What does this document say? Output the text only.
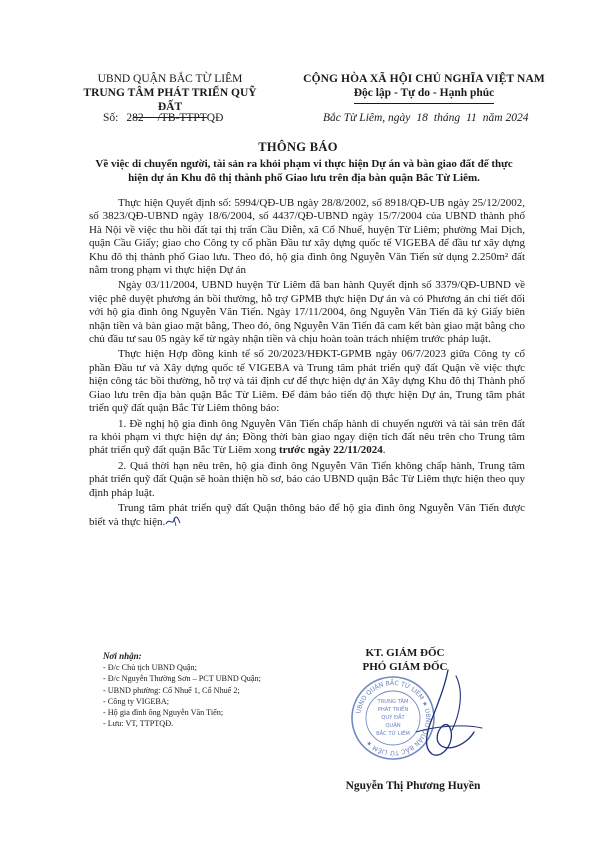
UBND QUẬN BẮC TỪ LIÊM
TRUNG TÂM PHÁT TRIỂN QUỸ ĐẤT
CỘNG HÒA XÃ HỘI CHỦ NGHĨA VIỆT NAM
Độc lập - Tự do - Hạnh phúc
Số: 282 /TB-TTPTQĐ	Bắc Từ Liêm, ngày 18 tháng 11 năm 2024
THÔNG BÁO
Về việc di chuyển người, tài sản ra khỏi phạm vi thực hiện Dự án và bàn giao đất để thực hiện dự án Khu đô thị thành phố Giao lưu trên địa bàn quận Bắc Từ Liêm.

Thực hiện Quyết định số: 5994/QĐ-UB ngày 28/8/2002, số 8918/QĐ-UB ngày 25/12/2002, số 3823/QĐ-UBND ngày 18/6/2004, số 4437/QĐ-UBND ngày 15/7/2004 của UBND thành phố Hà Nội về việc thu hồi đất tại thị trấn Cầu Diễn, xã Cổ Nhuế, huyện Từ Liêm; phường Mai Dịch, quận Cầu Giấy; giao cho Công ty cổ phần Đầu tư xây dựng quốc tế VIGEBA để đầu tư xây dựng Khu đô thị thành phố Giao lưu. Theo đó, hộ gia đình ông Nguyễn Văn Tiến sử dụng 2.250m² đất nằm trong phạm vi thực hiện Dự án

Ngày 03/11/2004, UBND huyện Từ Liêm đã ban hành Quyết định số 3379/QĐ-UBND về việc phê duyệt phương án bồi thường, hỗ trợ GPMB thực hiện Dự án và có Phương án chi tiết đối với hộ gia đình ông Nguyễn Văn Tiến. Ngày 17/11/2004, ông Nguyễn Văn Tiến đã ký Giấy biên nhận tiền và bàn giao mặt bằng, Theo đó, ông Nguyễn Văn Tiến đã cam kết bàn giao mặt bằng cho chủ đầu tư sau 05 ngày kể từ ngày nhận tiền và chịu hoàn toàn trách nhiệm trước pháp luật.

Thực hiện Hợp đồng kinh tế số 20/2023/HĐKT-GPMB ngày 06/7/2023 giữa Công ty cổ phần Đầu tư và Xây dựng quốc tế VIGEBA và Trung tâm phát triển quỹ đất Quận về việc thực hiện công tác bồi thường, hỗ trợ và tái định cư để thực hiện dự án Xây dựng Khu đô thị Thành phố Giao lưu trên địa bàn quận Bắc Từ Liêm. Để đảm bảo tiến độ thực hiện Dự án, Trung tâm phát triển quỹ đất quận Bắc Từ Liêm thông báo:

1. Đề nghị hộ gia đình ông Nguyễn Văn Tiến chấp hành di chuyển người và tài sản trên đất ra khỏi phạm vi thực hiện dự án; Đồng thời bàn giao ngay diện tích đất nêu trên cho Trung tâm phát triển quỹ đất quận Bắc Từ Liêm xong trước ngày 22/11/2024.

2. Quá thời hạn nêu trên, hộ gia đình ông Nguyễn Văn Tiến không chấp hành, Trung tâm phát triển quỹ đất Quận sẽ hoàn thiện hồ sơ, báo cáo UBND quận Bắc Từ Liêm thực hiện theo quy định pháp luật.

Trung tâm phát triển quỹ đất Quận thông báo để hộ gia đình ông Nguyễn Văn Tiến được biết và thực hiện.

Nơi nhận:
- Đ/c Chủ tịch UBND Quận;
- Đ/c Nguyễn Thường Sơn – PCT UBND Quận;
- UBND phường: Cổ Nhuế 1, Cổ Nhuế 2;
- Công ty VIGEBA;
- Hộ gia đình ông Nguyễn Văn Tiến;
- Lưu: VT, TTPTQĐ.
KT. GIÁM ĐỐC
PHÓ GIÁM ĐỐC
UBND QUẬN BẮC TỪ LIÊM ★ UBND QUẬN BẮC TỪ LIÊM ★
TRUNG TÂM
PHÁT TRIỂN
QUỸ ĐẤT
QUẬN
BẮC TỪ LIÊM
Nguyễn Thị Phương Huyền
